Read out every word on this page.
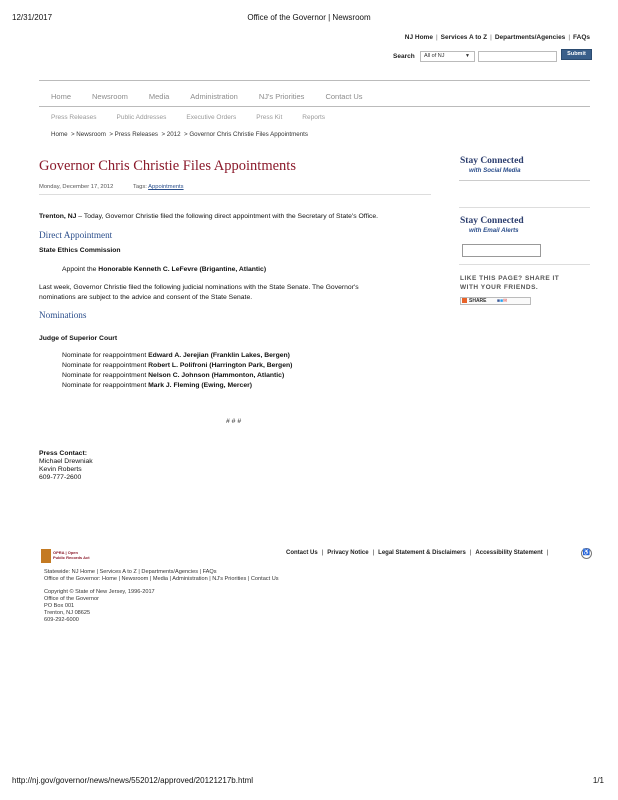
12/31/2017	Office of the Governor | Newsroom
NJ Home | Services A to Z | Departments/Agencies | FAQs
Search	All of NJ	▼	Submit
Home	Newsroom	Media	Administration	NJ's Priorities	Contact Us
Press Releases	Public Addresses	Executive Orders	Press Kit	Reports
Home > Newsroom > Press Releases > 2012 > Governor Chris Christie Files Appointments
Governor Chris Christie Files Appointments
Monday, December 17, 2012	Tags: Appointments
Trenton, NJ – Today, Governor Christie filed the following direct appointment with the Secretary of State's Office.
Direct Appointment
State Ethics Commission
Appoint the Honorable Kenneth C. LeFevre (Brigantine, Atlantic)
Last week, Governor Christie filed the following judicial nominations with the State Senate. The Governor's
nominations are subject to the advice and consent of the State Senate.
Nominations
Judge of Superior Court
Nominate for reappointment Edward A. Jerejian (Franklin Lakes, Bergen)
Nominate for reappointment Robert L. Polifroni (Harrington Park, Bergen)
Nominate for reappointment Nelson C. Johnson (Hammonton, Atlantic)
Nominate for reappointment Mark J. Fleming (Ewing, Mercer)
# # #
Press Contact:
Michael Drewniak
Kevin Roberts
609-777-2600
Stay Connected
with Social Media
Stay Connected
with Email Alerts
LIKE THIS PAGE? SHARE IT
WITH YOUR FRIENDS.
SHARE ■■✉
OPRA | Open
Public Records Act
Contact Us | Privacy Notice | Legal Statement & Disclaimers | Accessibility Statement |	♿
Statewide: NJ Home | Services A to Z | Departments/Agencies | FAQs
Office of the Governor: Home | Newsroom | Media | Administration | NJ's Priorities | Contact Us
Copyright © State of New Jersey, 1996-2017
Office of the Governor
PO Box 001
Trenton, NJ 08625
609-292-6000
http://nj.gov/governor/news/news/552012/approved/20121217b.html	1/1
